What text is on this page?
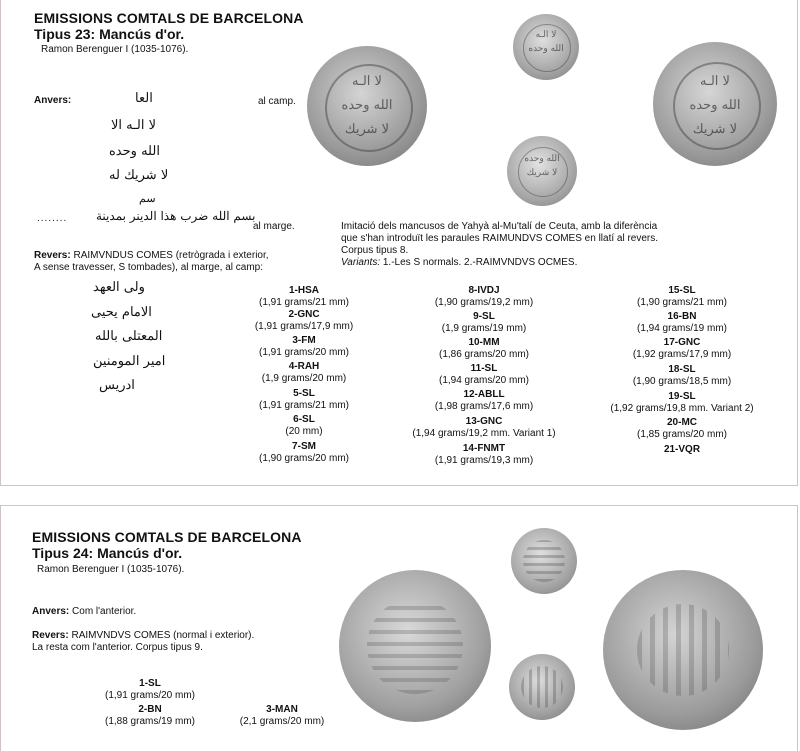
EMISSIONS COMTALS DE BARCELONA
Tipus 23: Mancús d'or.
Ramon Berenguer I (1035-1076).
لا الـه
الله وحده
لا شريك
لا الـه
الله وحده
لا الـه
الله وحده
لا شريك
الله وحده
لا شريك
Anvers:	العا
لا الـه الا
الله وحده
لا شريك له
سم
al camp.
........ بسم الله ضرب هذا الدينر بمدينة
al marge.	Imitació dels mancusos de Yahyà al-Mu'talí de Ceuta, amb la diferència
que s'han introduït les paraules RAIMUNDVS COMES en llatí al revers.
Corpus tipus 8.
Variants: 1.-Les S normals. 2.-RAIMVNDVS OCMES.
Revers: RAIMVNDUS COMES (retrògrada i exterior,
A sense travesser, S tombades), al marge, al camp:
ولى العهد
الامام يحيى
المعتلى بالله
امير المومنين
ادريس
1-HSA
(1,91 grams/21 mm)
2-GNC
(1,91 grams/17,9 mm)
3-FM
(1,91 grams/20 mm)
4-RAH
(1,9 grams/20 mm)
5-SL
(1,91 grams/21 mm)
6-SL
(20 mm)
7-SM
(1,90 grams/20 mm)
8-IVDJ
(1,90 grams/19,2 mm)
9-SL
(1,9 grams/19 mm)
10-MM
(1,86 grams/20 mm)
11-SL
(1,94 grams/20 mm)
12-ABLL
(1,98 grams/17,6 mm)
13-GNC
(1,94 grams/19,2 mm. Variant 1)
14-FNMT
(1,91 grams/19,3 mm)
15-SL
(1,90 grams/21 mm)
16-BN
(1,94 grams/19 mm)
17-GNC
(1,92 grams/17,9 mm)
18-SL
(1,90 grams/18,5 mm)
19-SL
(1,92 grams/19,8 mm. Variant 2)
20-MC
(1,85 grams/20 mm)
21-VQR
EMISSIONS COMTALS DE BARCELONA
Tipus 24: Mancús d'or.
Ramon Berenguer I (1035-1076).
Anvers: Com l'anterior.
Revers: RAIMVNDVS COMES (normal i exterior).
La resta com l'anterior. Corpus tipus 9.
1-SL
(1,91 grams/20 mm)
2-BN
(1,88 grams/19 mm)
3-MAN
(2,1 grams/20 mm)
